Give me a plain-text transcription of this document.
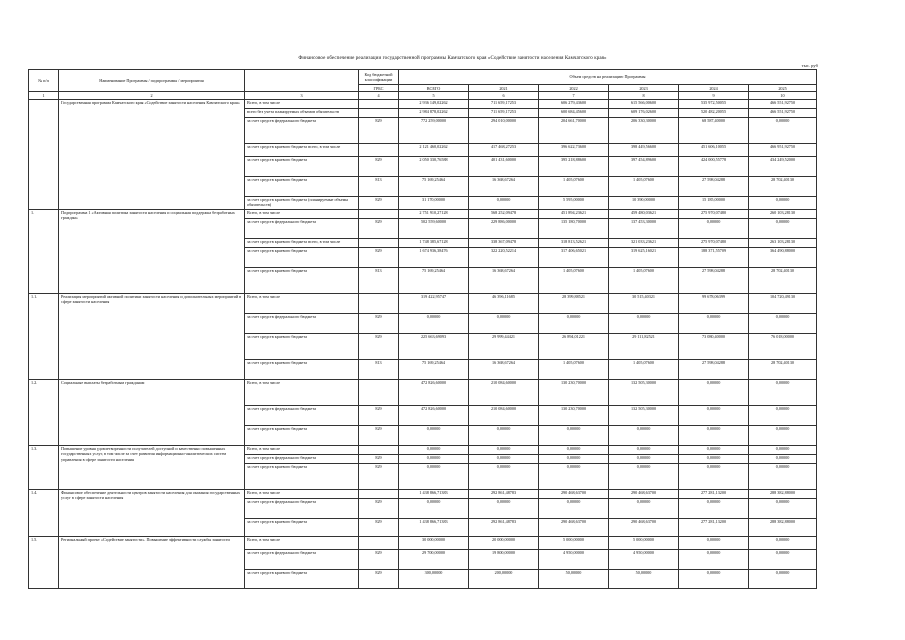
Финансовое обеспечение реализации государственной программы Камчатского края «Содействие занятости населения Камчатского края»
тыс. руб
№ п/п	Наименование Программы / подпрограммы / мероприятия		Код бюджетной классификации	Объем средств на реализацию Программы					
			ГРБС	ВСЕГО	2021	2022	2023	2024	2025
1	2	3	4	5	6	7	8	9	10
	Государственная программа Камчатского края «Содействие занятости населения Камчатского края»	Всего, в том числе		2 936 149,02262	711 659,17253	606 279,43600	615 566,00600	535 972,50055	466 551,92750
		всего без учета планируемых объемов обязательств		2 984 878,02262	711 659,17253	600 684,45600	609 176,02600	520 482,20055	466 551,92750
		за счет средств федерального бюджета	829	772 259,00000	294 010,00000	204 661,70000	206 330,30000	68 587,40000	0,00000
		за счет средств краевого бюджета всего, в том числе		2 121 460,02262	417 468,27253	396 622,73600	398 449,56600	451 606,10055	466 951,92750
		за счет средств краевого бюджета	829	2 050 330,76588	401 431,60000	395 218,88600	397 454,89600	424 000,55778	434 249,52000
		за счет средств краевого бюджета	813	75 169,25464	16 368,67264	1 405,07600	1 405,07600	27 598,04288	28 702,40130
		за счет средств краевого бюджета (планируемые объемы обязательств)	829	31 170,00000	0,00000	5 595,00000	10 390,00000	15 185,00000	0,00000
1.	Подпрограмма 1 «Активная политика занятости населения и социальная поддержка безработных граждан»	Всего, в том числе		2 751 910,27128	568 252,09478	451 894,23621	459 480,03621	275 970,07480	260 103,28130
		за счет средств федерального бюджета	829	502 559,60000	229 886,00000	135 180,70000	137 453,30000	0,00000	0,00000
		за счет средств краевого бюджета всего, в том числе		1 748 385,67128	338 367,09478	318 813,52621	321 033,23621	275 970,07480	263 103,28130
		за счет средств краевого бюджета	829	1 674 936,38476	322 220,52214	317 406,65021	319 625,16021	188 371,55709	364 490,88000
		за счет средств краевого бюджета	813	75 169,25464	16 368,67264	1 405,07600	1 405,07600	27 598,04288	28 702,40130
1.1.	Реализация мероприятий активной политики занятости населения и дополнительных мероприятий в сфере занятости населения	Всего, в том числе		319 422,95747	46 396,11685	28 399,88521	30 515,40321	99 678,06399	104 720,49130
		за счет средств федерального бюджета	829	0,00000	0,00000	0,00000	0,00000	0,00000	0,00000
		за счет средств краевого бюджета	829	225 663,69093	29 999,44421	26 894,01221	29 111,82521	73 080,40000	76 018,00000
		за счет средств краевого бюджета	813	75 169,25464	16 368,67264	1 405,07600	1 405,07600	27 598,04288	28 702,40130
1.2.	Социальные выплаты безработным гражданам	Всего, в том числе		472 826,60000	210 084,60000	130 230,70000	132 505,30000	0,00000	0,00000
		за счет средств федерального бюджета	829	472 826,60000	210 084,60000	130 230,70000	132 505,30000	0,00000	0,00000
		за счет средств краевого бюджета	829	0,00000	0,00000	0,00000	0,00000	0,00000	0,00000
1.3.	Повышение уровня удовлетворенности получателей доступной и качественно повышенных государственных услуг, в том числе за счет развития информационно-аналитических систем управления в сфере занятости населения	Всего, в том числе		0,00000	0,00000	0,00000	0,00000	0,00000	0,00000
		за счет средств федерального бюджета	829	0,00000	0,00000	0,00000	0,00000	0,00000	0,00000
		за счет средств краевого бюджета	829	0,00000	0,00000	0,00000	0,00000	0,00000	0,00000
1.4.	Финансовое обеспечение деятельности центров занятости населения для оказания государственных услуг в сфере занятости населения	Всего, в том числе		1 438 866,71383	292 861,48783	290 468,63700	290 468,63700	277 281,13200	288 382,88000
		за счет средств федерального бюджета	829	0,00000	0,00000	0,00000	0,00000	0,00000	0,00000
		за счет средств краевого бюджета	829	1 438 866,71383	292 861,48783	290 468,63700	290 468,63700	277 281,13200	288 382,88000
1.5.	Региональный проект «Содействие занятости». Повышение эффективности службы занятости	Всего, в том числе		30 000,00000	20 000,00000	5 000,00000	5 000,00000	0,00000	0,00000
		за счет средств федерального бюджета	829	29 700,00000	19 800,00000	4 950,00000	4 950,00000	0,00000	0,00000
		за счет средств краевого бюджета	829	300,00000	200,00000	50,00000	50,00000	0,00000	0,00000
